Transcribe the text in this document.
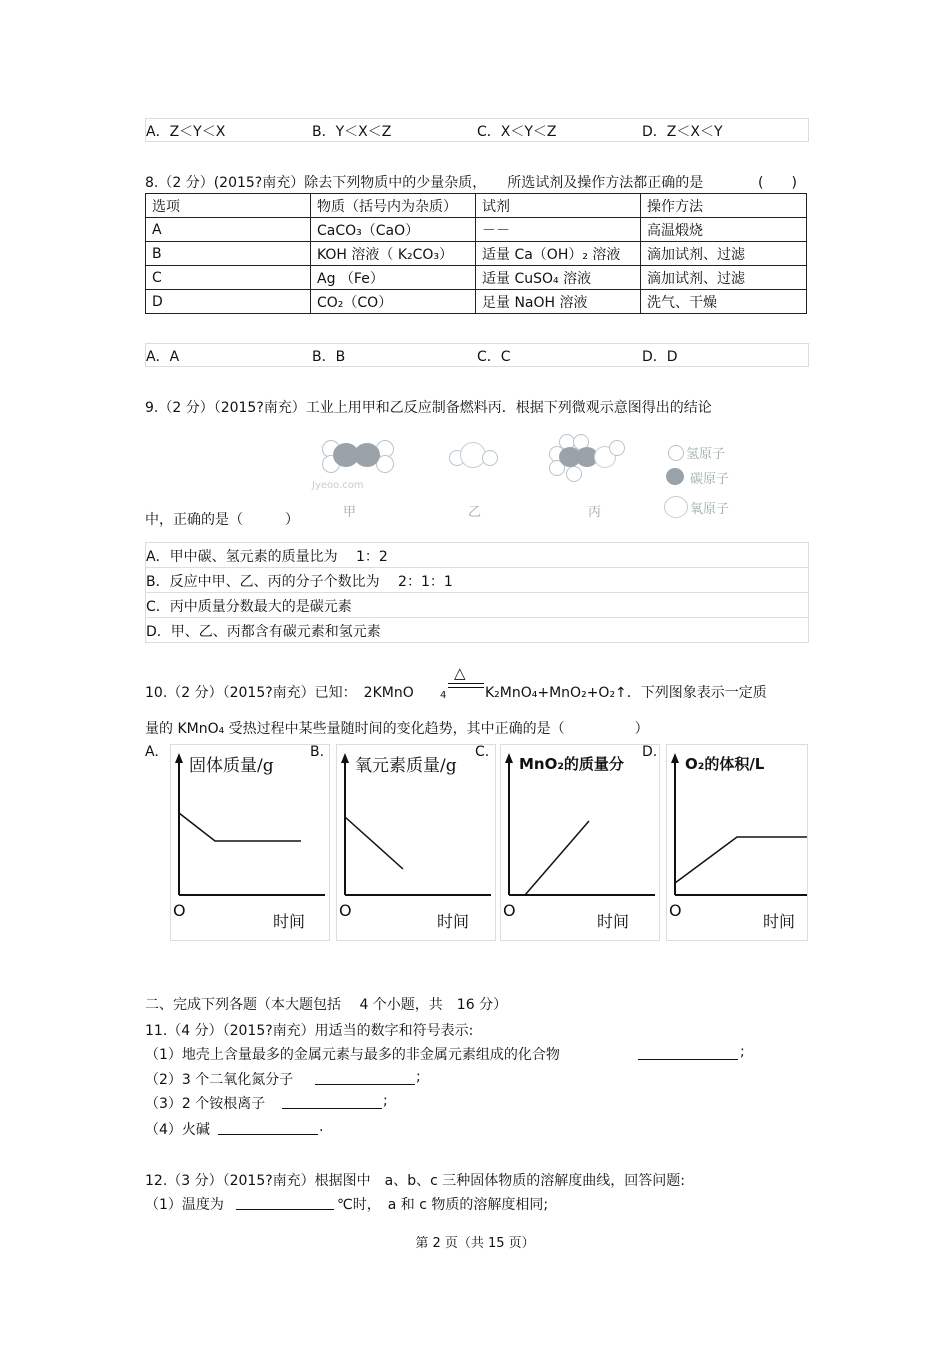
A．Z＜Y＜X	B．Y＜X＜Z	C．X＜Y＜Z	D．Z＜X＜Y
8.（2 分）(2015?南充）除去下列物质中的少量杂质，　　所选试剂及操作方法都正确的是	(　　)
选项	物质（括号内为杂质）	试剂	操作方法
A	CaCO₃（CaO）	－－	高温煅烧
B	KOH 溶液（ K₂CO₃）	适量 Ca（OH）₂ 溶液	滴加试剂、过滤
C	Ag （Fe）	适量 CuSO₄ 溶液	滴加试剂、过滤
D	CO₂（CO）	足量 NaOH 溶液	洗气、干燥
A．A	B．B	C．C	D．D
9.（2 分）（2015?南充）工业上用甲和乙反应制备燃料丙．根据下列微观示意图得出的结论
Jyeoo.com
氢原子
碳原子
氧原子
甲	乙	丙
中，正确的是（　　　）
A．甲中碳、氢元素的质量比为　 1：2
B．反应中甲、乙、丙的分子个数比为　 2：1：1
C．丙中质量分数最大的是碳元素
D．甲、乙、丙都含有碳元素和氢元素
10.（2 分）（2015?南充）已知：　2KMnO	4
△
K₂MnO₄+MnO₂+O₂↑．下列图象表示一定质
量的 KMnO₄ 受热过程中某些量随时间的变化趋势，其中正确的是（　　　　　）
A.	B.	C.	D.
固体质量/g
O
时间
氧元素质量/g
O
时间
MnO₂的质量分
O
时间
O₂的体积/L
O
时间
二、完成下列各题（本大题包括　 4 个小题，共　16 分）
11.（4 分）（2015?南充）用适当的数字和符号表示:
（1）地壳上含量最多的金属元素与最多的非金属元素组成的化合物	;
（2）3 个二氧化氮分子	;
（3）2 个铵根离子	;
（4）火碱	.
12.（3 分）（2015?南充）根据图中　a、b、c 三种固体物质的溶解度曲线，回答问题:
（1）温度为	℃时，　a 和 c 物质的溶解度相同;
第 2 页（共 15 页）
